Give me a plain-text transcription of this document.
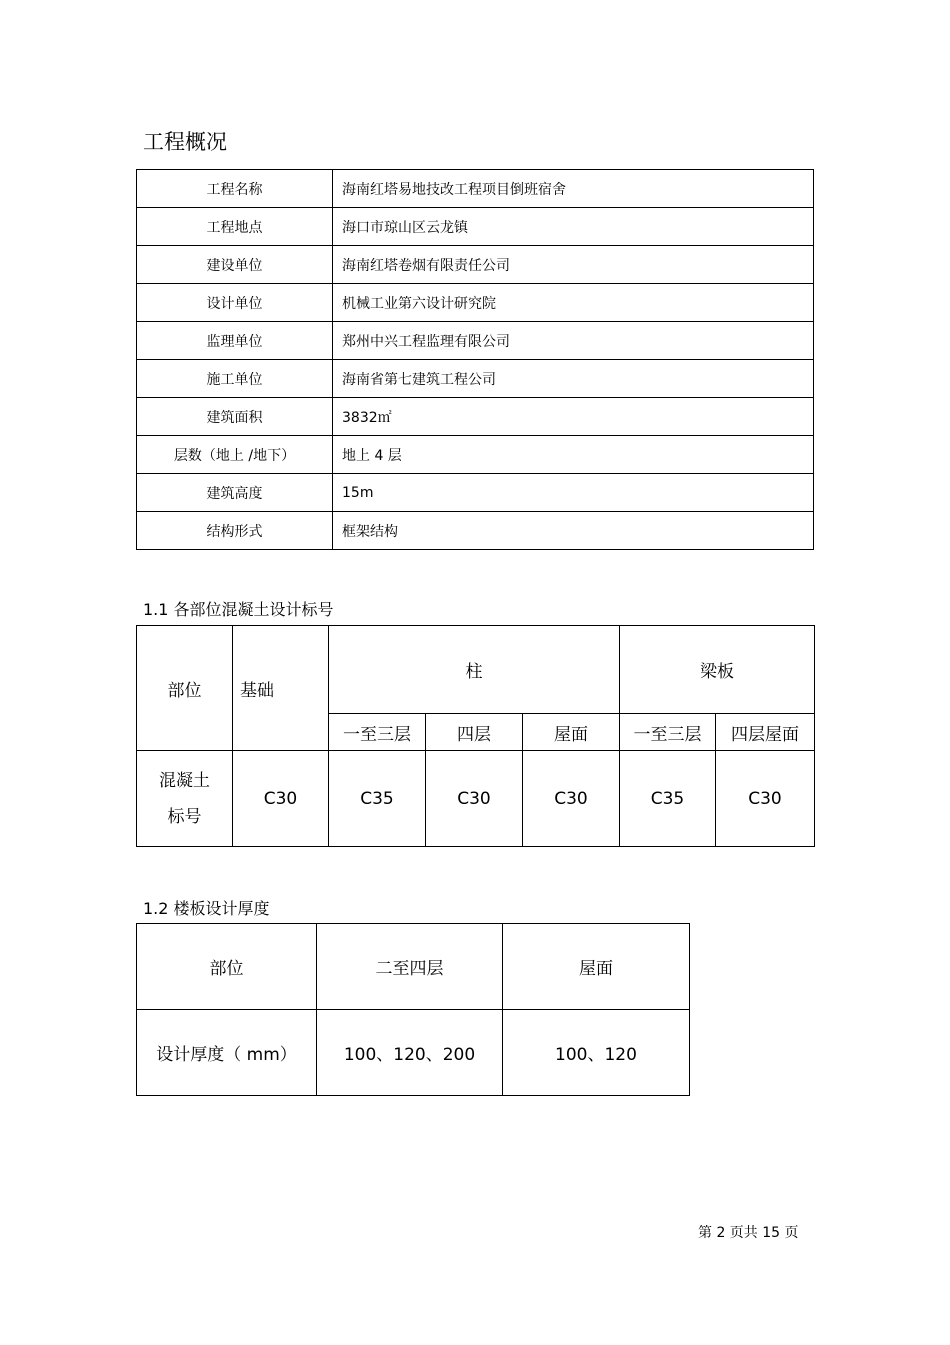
工程概况
工程名称	海南红塔易地技改工程项目倒班宿舍
工程地点	海口市琼山区云龙镇
建设单位	海南红塔卷烟有限责任公司
设计单位	机械工业第六设计研究院
监理单位	郑州中兴工程监理有限公司
施工单位	海南省第七建筑工程公司
建筑面积	3832㎡
层数（地上 /地下）	地上 4 层
建筑高度	15m
结构形式	框架结构
1.1 各部位混凝土设计标号
部位	基础	柱			梁板	
		一至三层	四层	屋面	一至三层	四层屋面

混凝土
标号	C30	C35	C30	C30	C35	C30
1.2 楼板设计厚度
部位	二至四层	屋面
设计厚度（ mm）	100、120、200	100、120
第 2 页共 15 页
